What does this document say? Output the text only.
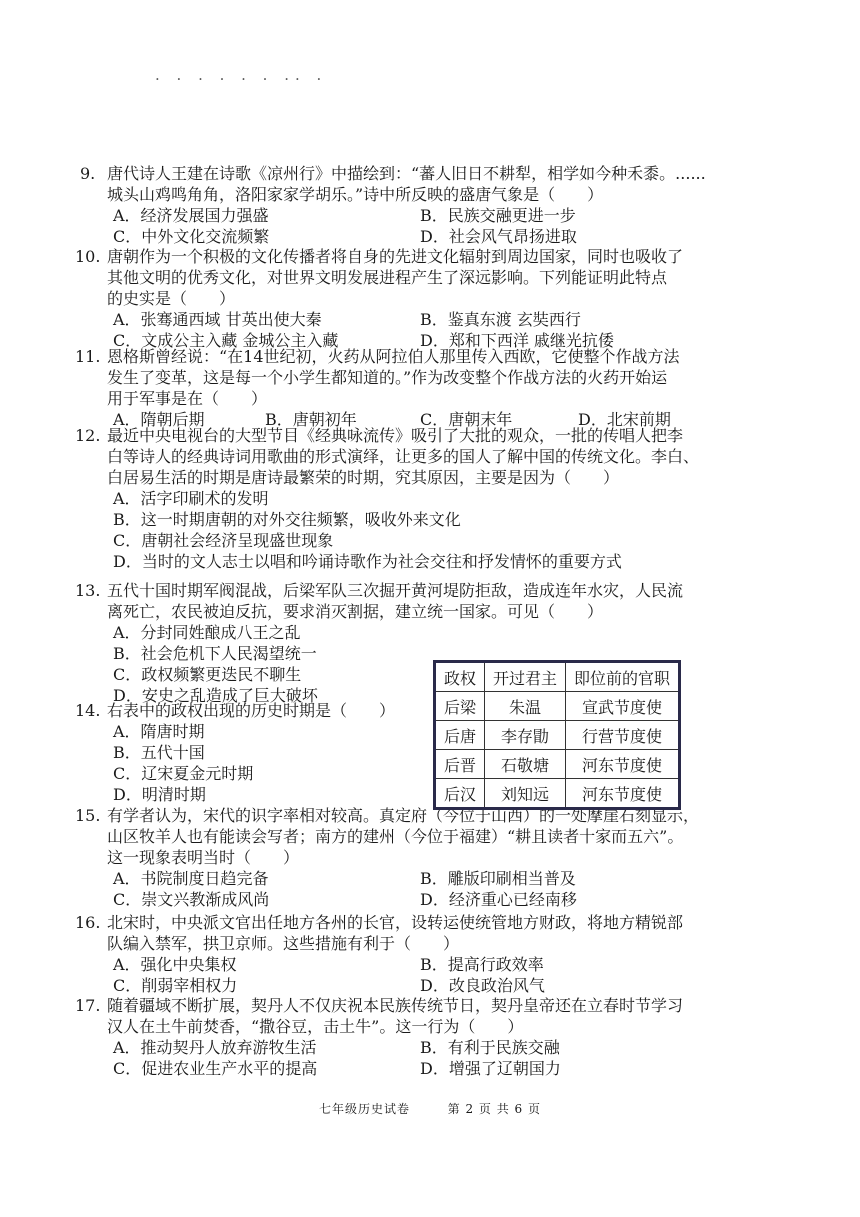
· · · · · · ·· ·
9. 唐代诗人王建在诗歌《凉州行》中描绘到：“蕃人旧日不耕犁，相学如今种禾黍。......
城头山鸡鸣角角，洛阳家家学胡乐。”诗中所反映的盛唐气象是（　　）
A．经济发展国力强盛	B．民族交融更进一步
C．中外文化交流频繁	D．社会风气昂扬进取
10. 唐朝作为一个积极的文化传播者将自身的先进文化辐射到周边国家，同时也吸收了
其他文明的优秀文化，对世界文明发展进程产生了深远影响。下列能证明此特点
的史实是（　　）
A．张骞通西域 甘英出使大秦	B．鉴真东渡 玄奘西行
C．文成公主入藏 金城公主入藏	D．郑和下西洋 戚继光抗倭
11. 恩格斯曾经说：“在14世纪初，火药从阿拉伯人那里传入西欧，它使整个作战方法
发生了变革，这是每一个小学生都知道的。”作为改变整个作战方法的火药开始运
用于军事是在（　　）
A．隋朝后期	B．唐朝初年	C．唐朝末年	D．北宋前期
12. 最近中央电视台的大型节目《经典咏流传》吸引了大批的观众，一批的传唱人把李
白等诗人的经典诗词用歌曲的形式演绎，让更多的国人了解中国的传统文化。李白、
白居易生活的时期是唐诗最繁荣的时期，究其原因，主要是因为（　　）
A．活字印刷术的发明
B．这一时期唐朝的对外交往频繁，吸收外来文化
C．唐朝社会经济呈现盛世现象
D．当时的文人志士以唱和吟诵诗歌作为社会交往和抒发情怀的重要方式
13. 五代十国时期军阀混战，后梁军队三次掘开黄河堤防拒敌，造成连年水灾，人民流
离死亡，农民被迫反抗，要求消灭割据，建立统一国家。可见（　　）
A．分封同姓酿成八王之乱
B．社会危机下人民渴望统一
C．政权频繁更迭民不聊生
D．安史之乱造成了巨大破坏
14. 右表中的政权出现的历史时期是（　　）
A．隋唐时期
B．五代十国
C．辽宋夏金元时期
D．明清时期
15. 有学者认为，宋代的识字率相对较高。真定府（今位于山西）的一处摩崖石刻显示，
山区牧羊人也有能读会写者；南方的建州（今位于福建）“耕且读者十家而五六”。
这一现象表明当时（　　）
A．书院制度日趋完备	B．雕版印刷相当普及
C．崇文兴教渐成风尚	D．经济重心已经南移
16. 北宋时，中央派文官出任地方各州的长官，设转运使统管地方财政，将地方精锐部
队编入禁军，拱卫京师。这些措施有利于（　　）
A．强化中央集权	B．提高行政效率
C．削弱宰相权力	D．改良政治风气
17. 随着疆域不断扩展，契丹人不仅庆祝本民族传统节日，契丹皇帝还在立春时节学习
汉人在土牛前焚香，“撒谷豆，击土牛”。这一行为（　　）
A．推动契丹人放弃游牧生活	B．有利于民族交融
C．促进农业生产水平的提高	D．增强了辽朝国力
政权	开过君主	即位前的官职
后梁	朱温	宣武节度使
后唐	李存勖	行营节度使
后晋	石敬塘	河东节度使
后汉	刘知远	河东节度使
七年级历史试卷	第 2 页 共 6 页
